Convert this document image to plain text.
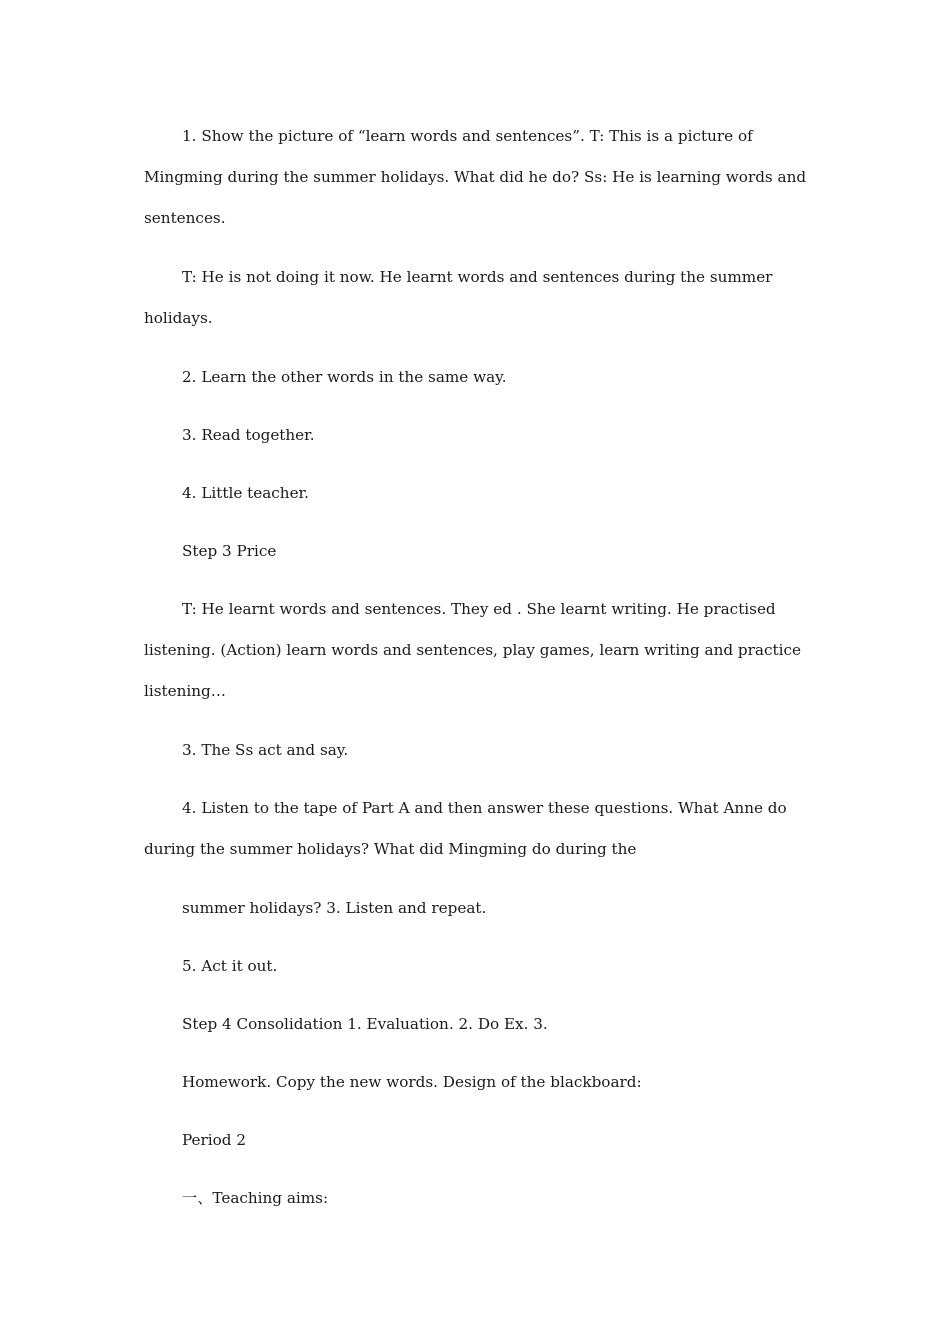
1. Show the picture of “learn words and sentences”. T: This is a picture of Mingming during the summer holidays. What did he do? Ss: He is learning words and sentences.

T: He is not doing it now. He learnt words and sentences during the summer holidays.

2. Learn the other words in the same way.

3. Read together.

4. Little teacher.

Step 3 Price

T: He learnt words and sentences. They ed . She learnt writing. He practised listening. (Action) learn words and sentences, play games, learn writing and practice listening…

3. The Ss act and say.

4. Listen to the tape of Part A and then answer these questions. What Anne do during the summer holidays? What did Mingming do during the

summer holidays? 3. Listen and repeat.

5. Act it out.

Step 4 Consolidation 1. Evaluation. 2. Do Ex. 3.

Homework. Copy the new words. Design of the blackboard:

Period 2

一、Teaching aims:
